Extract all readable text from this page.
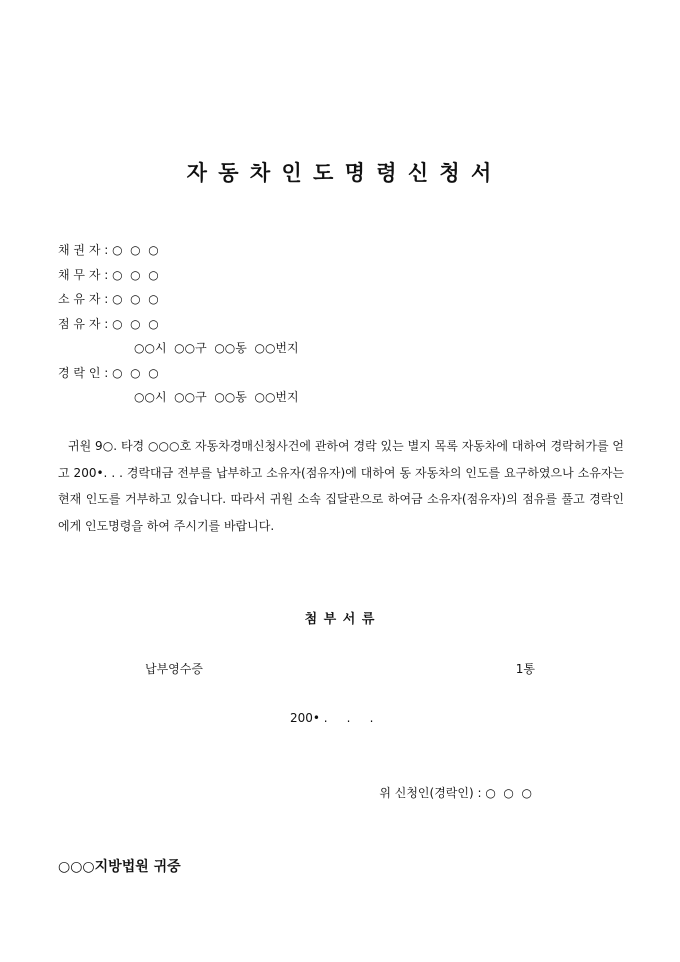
자 동 차 인 도 명 령 신 청 서
채 권 자 : ○  ○  ○
채 무 자 : ○  ○  ○
소 유 자 : ○  ○  ○
점 유 자 : ○  ○  ○
○○시  ○○구  ○○동  ○○번지
경 락 인 : ○  ○  ○
○○시  ○○구  ○○동  ○○번지

귀원 9○. 타경 ○○○호 자동차경매신청사건에 관하여 경락 있는 별지 목록 자동차에 대하여 경락허가를 얻고 200•. . . 경락대금 전부를 납부하고 소유자(점유자)에 대하여 동 자동차의 인도를 요구하였으나 소유자는 현재 인도를 거부하고 있습니다. 따라서 귀원 소속 집달관으로 하여금 소유자(점유자)의 점유를 풀고 경락인에게 인도명령을 하여 주시기를 바랍니다.

첨 부 서 류
납부영수증	1통
200• .     .     .
위 신청인(경락인) : ○  ○  ○
○○○지방법원 귀중
